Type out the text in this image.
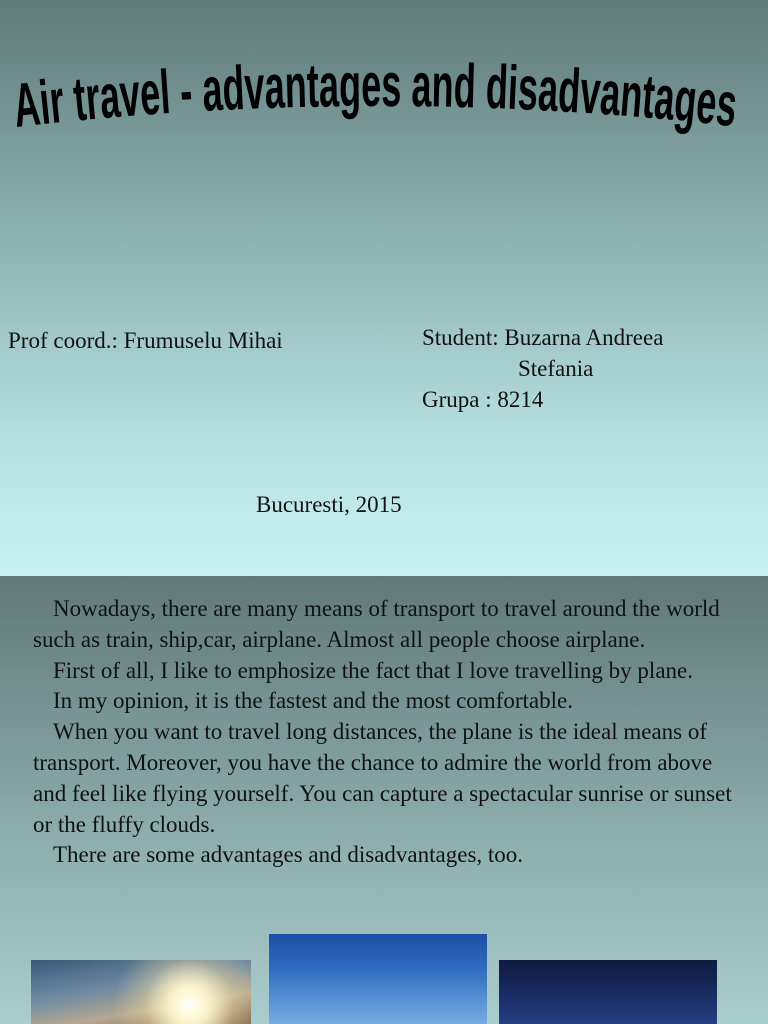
Air travel - advantages and disadvantages
Prof coord.: Frumuselu Mihai	Student: Buzarna Andreea
Stefania
Grupa : 8214
Bucuresti, 2015

Nowadays, there are many means of transport to travel around the world such as train, ship,car, airplane. Almost all people choose airplane.

First of all, I like to emphosize the fact that I love travelling by plane.

In my opinion, it is the fastest and the most comfortable.

When you want to travel long distances, the plane is the ideal means of transport. Moreover, you have the chance to admire the world from above and feel like flying yourself. You can capture a spectacular sunrise or sunset or the fluffy clouds.

There are some advantages and disadvantages, too.
